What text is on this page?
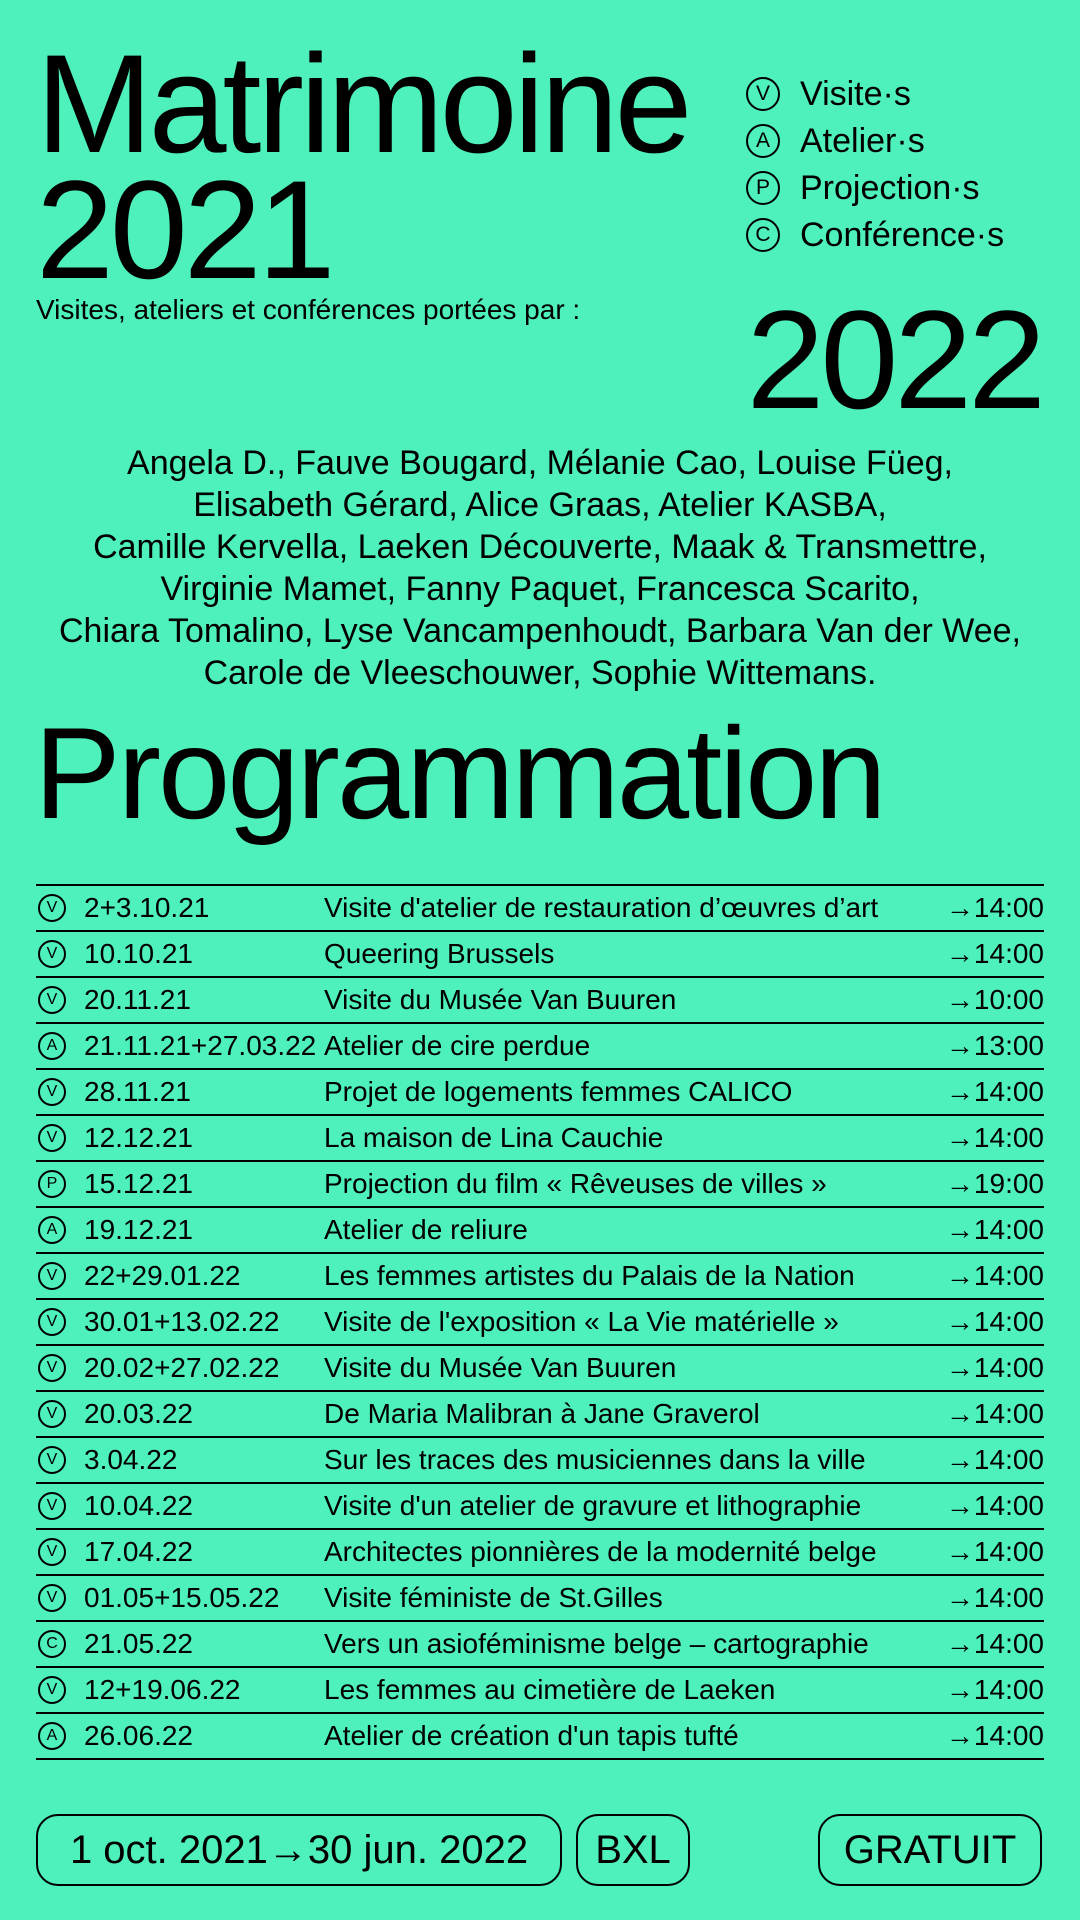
Matrimoine
2021
Visites, ateliers et conférences portées par : 2022
V Visite·s
A Atelier·s
P Projection·s
C Conférence·s
Angela D., Fauve Bougard, Mélanie Cao, Louise Füeg,
Elisabeth Gérard, Alice Graas, Atelier KASBA,
Camille Kervella, Laeken Découverte, Maak & Transmettre,
Virginie Mamet, Fanny Paquet, Francesca Scarito,
Chiara Tomalino, Lyse Vancampenhoudt, Barbara Van der Wee,
Carole de Vleeschouwer, Sophie Wittemans.
Programmation
V 2+3.10.21	Visite d'atelier de restauration d’œuvres d’art	→14:00
V 10.10.21	Queering Brussels	→14:00
V 20.11.21	Visite du Musée Van Buuren	→10:00
A 21.11.21+27.03.22 Atelier de cire perdue	→13:00
V 28.11.21	Projet de logements femmes CALICO	→14:00
V 12.12.21	La maison de Lina Cauchie	→14:00
P 15.12.21	Projection du film « Rêveuses de villes »	→19:00
A 19.12.21	Atelier de reliure	→14:00
V 22+29.01.22	Les femmes artistes du Palais de la Nation	→14:00
V 30.01+13.02.22	Visite de l'exposition « La Vie matérielle »	→14:00
V 20.02+27.02.22	Visite du Musée Van Buuren	→14:00
V 20.03.22	De Maria Malibran à Jane Graverol	→14:00
V 3.04.22	Sur les traces des musiciennes dans la ville	→14:00
V 10.04.22	Visite d'un atelier de gravure et lithographie	→14:00
V 17.04.22	Architectes pionnières de la modernité belge	→14:00
V 01.05+15.05.22	Visite féministe de St.Gilles	→14:00
C 21.05.22	Vers un asioféminisme belge – cartographie	→14:00
V 12+19.06.22	Les femmes au cimetière de Laeken	→14:00
A 26.06.22	Atelier de création d'un tapis tufté	→14:00
1 oct. 2021→30 jun. 2022	BXL	GRATUIT
